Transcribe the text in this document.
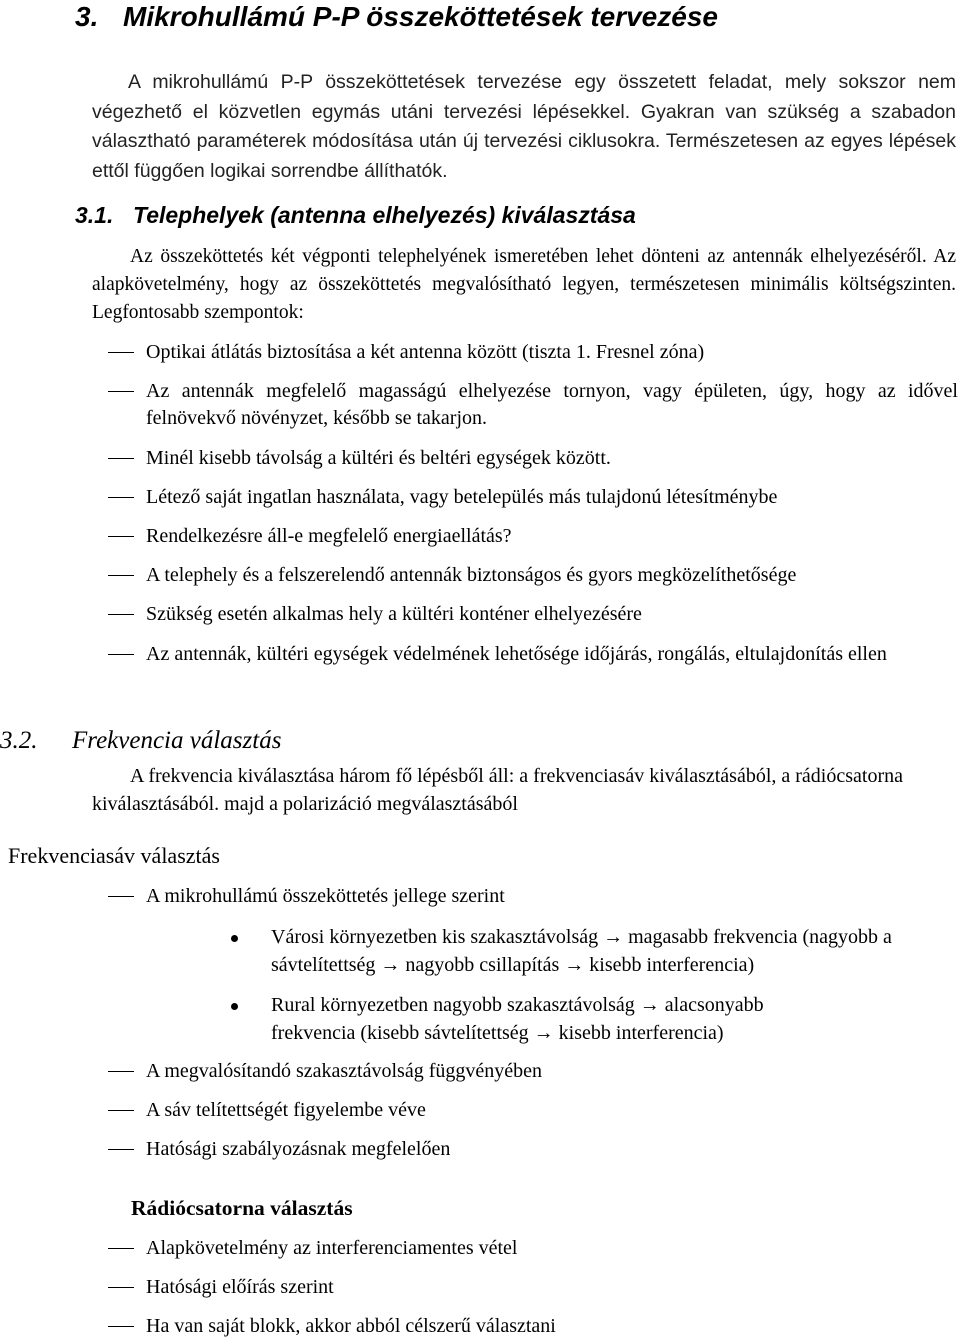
3. Mikrohullámú P-P összeköttetések tervezése
A mikrohullámú P-P összeköttetések tervezése egy összetett feladat, mely sokszor nem végezhető el közvetlen egymás utáni tervezési lépésekkel. Gyakran van szükség a szabadon választható paraméterek módosítása után új tervezési ciklusokra. Természetesen az egyes lépések ettől függően logikai sorrendbe állíthatók.
3.1. Telephelyek (antenna elhelyezés) kiválasztása
Az összeköttetés két végponti telephelyének ismeretében lehet dönteni az antennák elhelyezéséről. Az alapkövetelmény, hogy az összeköttetés megvalósítható legyen, természetesen minimális költségszinten. Legfontosabb szempontok:
Optikai átlátás biztosítása a két antenna között (tiszta 1. Fresnel zóna)
Az antennák megfelelő magasságú elhelyezése tornyon, vagy épületen, úgy, hogy az idővel felnövekvő növényzet, később se takarjon.
Minél kisebb távolság a kültéri és beltéri egységek között.
Létező saját ingatlan használata, vagy betelepülés más tulajdonú létesítménybe
Rendelkezésre áll-e megfelelő energiaellátás?
A telephely és a felszerelendő antennák biztonságos és gyors megközelíthetősége
Szükség esetén alkalmas hely a kültéri konténer elhelyezésére
Az antennák, kültéri egységek védelmének lehetősége időjárás, rongálás, eltulajdonítás ellen
3.2. Frekvencia választás
A frekvencia kiválasztása három fő lépésből áll: a frekvenciasáv kiválasztásából, a rádiócsatorna kiválasztásából. majd a polarizáció megválasztásából
Frekvenciasáv választás
A mikrohullámú összeköttetés jellege szerint
Városi környezetben kis szakasztávolság → magasabb frekvencia (nagyobb a sávtelítettség → nagyobb csillapítás → kisebb interferencia)
Rural környezetben nagyobb szakasztávolság → alacsonyabb frekvencia (kisebb sávtelítettség → kisebb interferencia)
A megvalósítandó szakasztávolság függvényében
A sáv telítettségét figyelembe véve
Hatósági szabályozásnak megfelelően
Rádiócsatorna választás
Alapkövetelmény az interferenciamentes vétel
Hatósági előírás szerint
Ha van saját blokk, akkor abból célszerű választani
